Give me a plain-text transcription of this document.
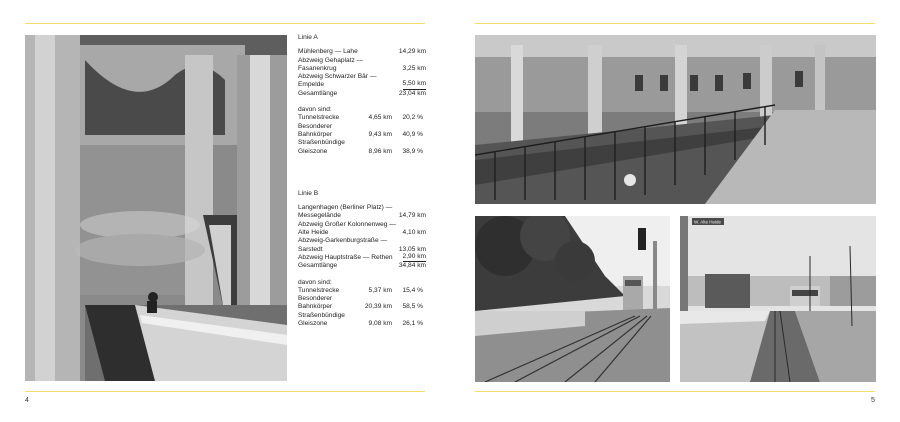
Linie A
Mühlenberg — Lahe	14,29 km
Abzweig Gehaplatz — Fasanenkrug	3,25 km
Abzweig Schwarzer Bär — Empelde	5,50 km
Gesamtlänge	23,04 km
davon sind:
Tunnelstrecke	4,65 km 20,2 %
Besonderer Bahnkörper	9,43 km 40,9 %
Straßenbündige Gleiszone	8,96 km 38,9 %
Linie B
Langenhagen (Berliner Platz) — Messegelände	14,79 km
Abzweig Großer Kolonnenweg — Alte Heide	4,10 km
Abzweig-Garkenburgstraße — Sarstedt	13,05 km
Abzweig Hauptstraße — Rethen	2,90 km
Gesamtlänge	34,84 km
davon sind:
Tunnelstrecke	5,37 km 15,4 %
Besonderer Bahnkörper	20,39 km 58,5 %
Straßenbündige Gleiszone	9,08 km 26,1 %
W. Alte Heide
4	5
